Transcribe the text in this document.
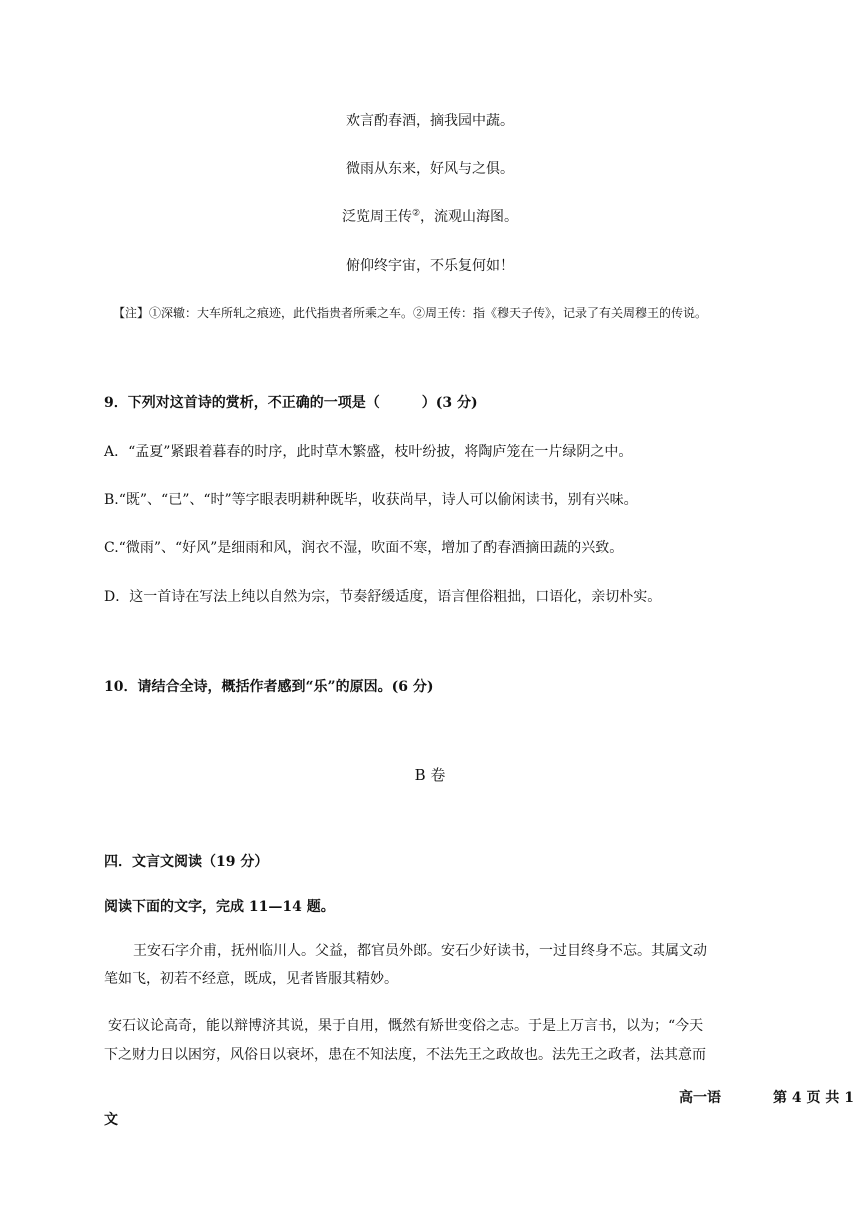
欢言酌春酒，摘我园中蔬。
微雨从东来，好风与之俱。
泛览周王传②，流观山海图。
俯仰终宇宙，不乐复何如！
【注】①深辙：大车所轧之痕迹，此代指贵者所乘之车。②周王传：指《穆天子传》，记录了有关周穆王的传说。
9．下列对这首诗的赏析，不正确的一项是（　　　）(3 分)
A．“孟夏”紧跟着暮春的时序，此时草木繁盛，枝叶纷披，将陶庐笼在一片绿阴之中。
B.“既”、“已”、“时”等字眼表明耕种既毕，收获尚早，诗人可以偷闲读书，别有兴味。
C.“微雨”、“好风”是细雨和风，润衣不湿，吹面不寒，增加了酌春酒摘田蔬的兴致。
D．这一首诗在写法上纯以自然为宗，节奏舒缓适度，语言俚俗粗拙，口语化，亲切朴实。
10．请结合全诗，概括作者感到“乐”的原因。(6 分)
B 卷
四．文言文阅读（19 分）
阅读下面的文字，完成 11—14 题。
王安石字介甫，抚州临川人。父益，都官员外郎。安石少好读书，一过目终身不忘。其属文动
笔如飞，初若不经意，既成，见者皆服其精妙。
安石议论高奇，能以辩博济其说，果于自用，慨然有矫世变俗之志。于是上万言书，以为；“今天
下之财力日以困穷，风俗日以衰坏，患在不知法度，不法先王之政故也。法先王之政者，法其意而
高一语	第 4 页 共 1
文
